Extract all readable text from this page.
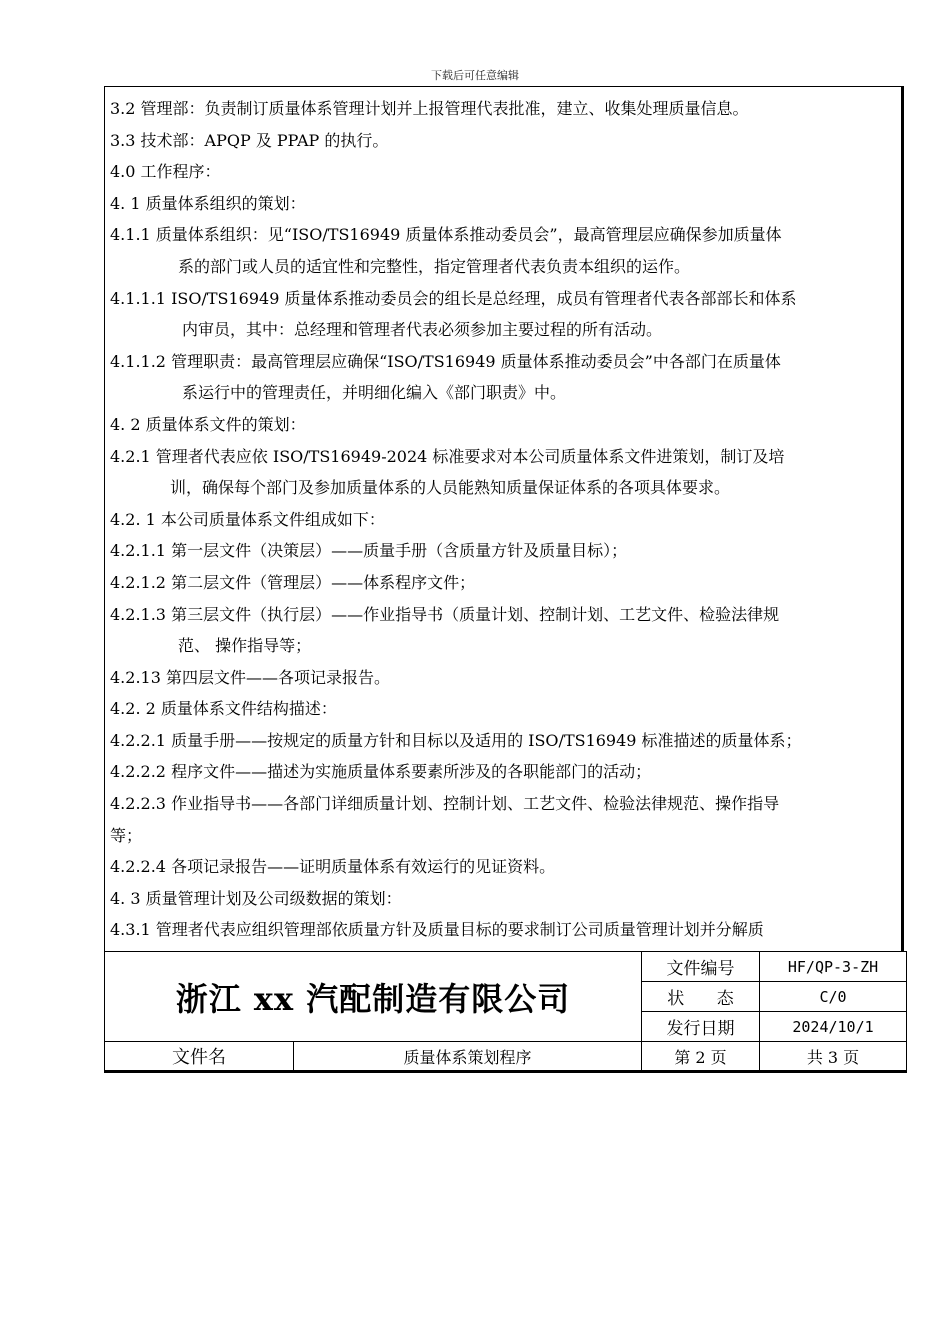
下载后可任意编辑
3.2 管理部：负责制订质量体系管理计划并上报管理代表批准，建立、收集处理质量信息。
3.3 技术部：APQP 及 PPAP 的执行。
4.0 工作程序：
4. 1 质量体系组织的策划：
4.1.1 质量体系组织：见“ISO/TS16949 质量体系推动委员会”，最高管理层应确保参加质量体
系的部门或人员的适宜性和完整性，指定管理者代表负责本组织的运作。
4.1.1.1 ISO/TS16949 质量体系推动委员会的组长是总经理，成员有管理者代表各部部长和体系
内审员，其中：总经理和管理者代表必须参加主要过程的所有活动。
4.1.1.2 管理职责：最高管理层应确保“ISO/TS16949 质量体系推动委员会”中各部门在质量体
系运行中的管理责任，并明细化编入《部门职责》中。
4. 2 质量体系文件的策划：
4.2.1 管理者代表应依 ISO/TS16949-2024 标准要求对本公司质量体系文件进策划，制订及培
训，确保每个部门及参加质量体系的人员能熟知质量保证体系的各项具体要求。
4.2. 1 本公司质量体系文件组成如下：
4.2.1.1 第一层文件（决策层）——质量手册（含质量方针及质量目标）；
4.2.1.2 第二层文件（管理层）——体系程序文件；
4.2.1.3 第三层文件（执行层）——作业指导书（质量计划、控制计划、工艺文件、检验法律规
范、 操作指导等；
4.2.13 第四层文件——各项记录报告。
4.2. 2 质量体系文件结构描述：
4.2.2.1 质量手册——按规定的质量方针和目标以及适用的 ISO/TS16949 标准描述的质量体系；
4.2.2.2 程序文件——描述为实施质量体系要素所涉及的各职能部门的活动；
4.2.2.3 作业指导书——各部门详细质量计划、控制计划、工艺文件、检验法律规范、操作指导
等；
4.2.2.4 各项记录报告——证明质量体系有效运行的见证资料。
4. 3 质量管理计划及公司级数据的策划：
4.3.1 管理者代表应组织管理部依质量方针及质量目标的要求制订公司质量管理计划并分解质
浙江 xx 汽配制造有限公司		文件编号	HF/QP-3-ZH
		状      态	C/0
		发行日期	2024/10/1
文件名	质量体系策划程序	第 2 页	共 3 页
